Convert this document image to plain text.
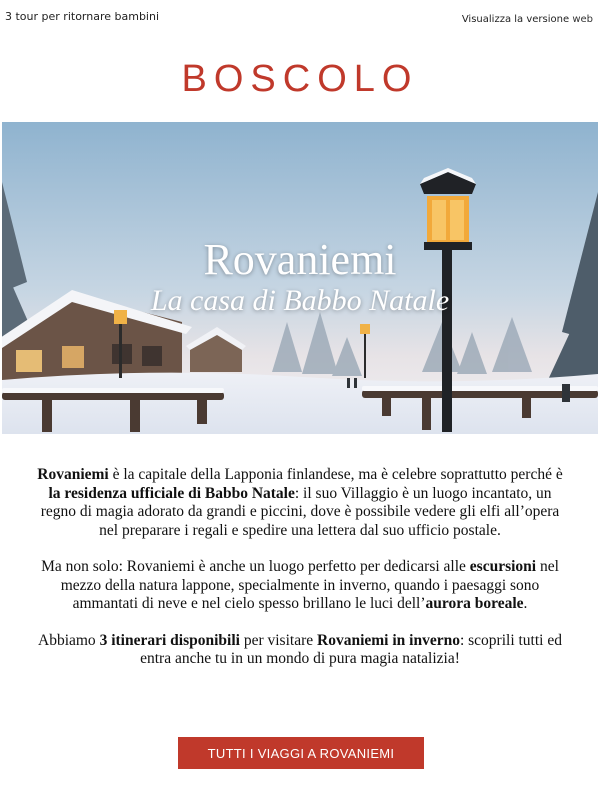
3 tour per ritornare bambini	Visualizza la versione web
BOSCOLO
Rovaniemi
La casa di Babbo Natale

Rovaniemi è la capitale della Lapponia finlandese, ma è celebre soprattutto perché è la residenza ufficiale di Babbo Natale: il suo Villaggio è un luogo incantato, un regno di magia adorato da grandi e piccini, dove è possibile vedere gli elfi all’opera nel preparare i regali e spedire una lettera dal suo ufficio postale.

Ma non solo: Rovaniemi è anche un luogo perfetto per dedicarsi alle escursioni nel mezzo della natura lappone, specialmente in inverno, quando i paesaggi sono ammantati di neve e nel cielo spesso brillano le luci dell’aurora boreale.

Abbiamo 3 itinerari disponibili per visitare Rovaniemi in inverno: scoprili tutti ed entra anche tu in un mondo di pura magia natalizia!

TUTTI I VIAGGI A ROVANIEMI
